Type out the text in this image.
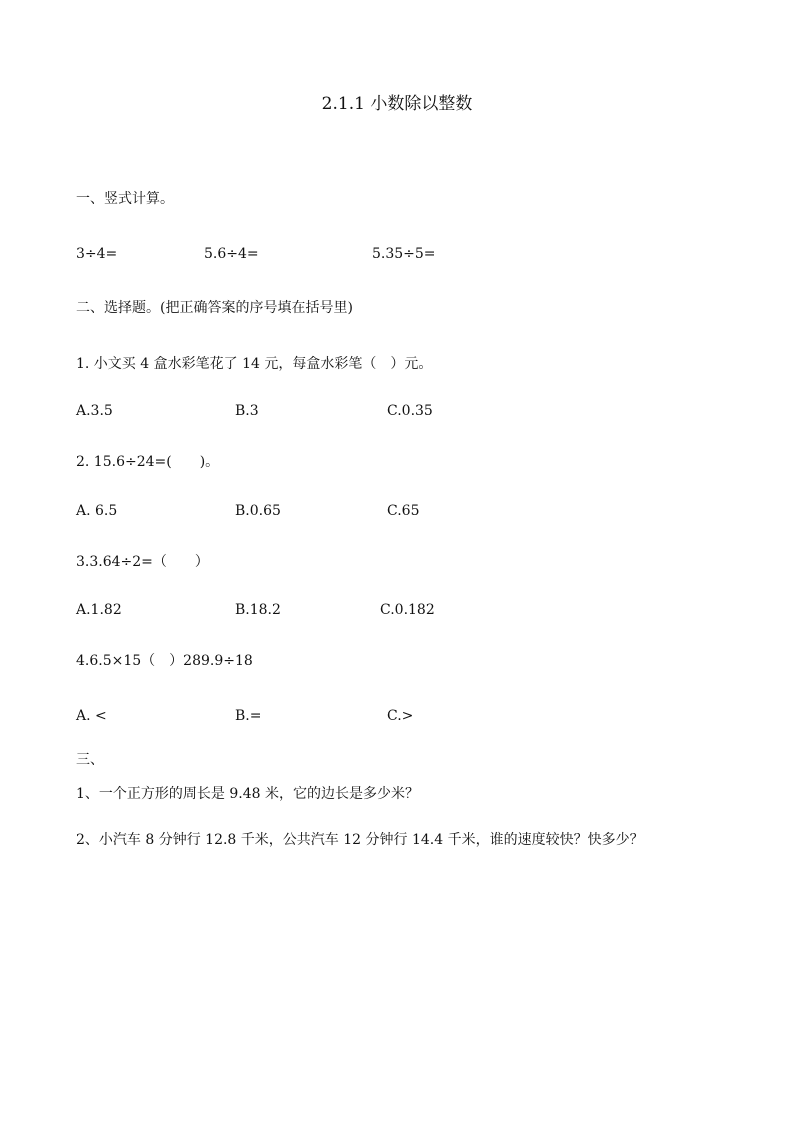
2.1.1 小数除以整数
一、竖式计算。
3÷4=	5.6÷4=	5.35÷5=
二、选择题。(把正确答案的序号填在括号里)
1. 小文买 4 盒水彩笔花了 14 元，每盒水彩笔（　）元。
A.3.5	B.3	C.0.35
2. 15.6÷24=(　　)。
A. 6.5	B.0.65	C.65
3.3.64÷2=（　　）
A.1.82	B.18.2	C.0.182
4.6.5×15（　）289.9÷18
A. <	B.=	C.>
三、
1、一个正方形的周长是 9.48 米，它的边长是多少米？
2、小汽车 8 分钟行 12.8 千米，公共汽车 12 分钟行 14.4 千米，谁的速度较快？快多少？
